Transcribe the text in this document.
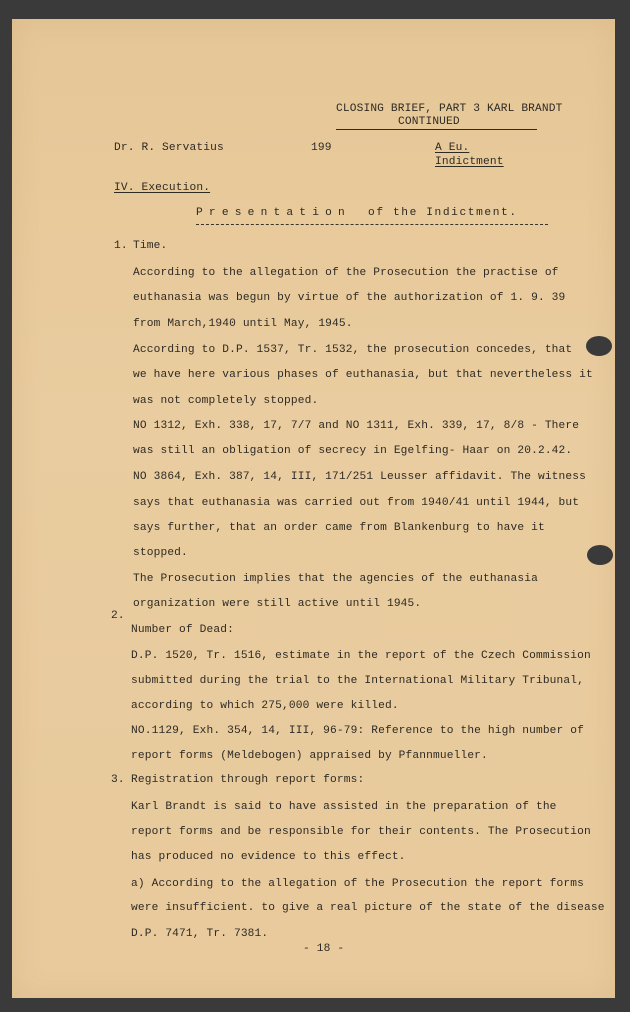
CLOSING BRIEF, PART 3 KARL BRANDT
CONTINUED
Dr. R. Servatius	199	A Eu.
Indictment
IV. Execution.
Presentation of the Indictment.
1. Time.
According to the allegation of the Prosecution the practise of
euthanasia was begun by virtue of the authorization of 1. 9. 39
from March,1940 until May, 1945.
According to D.P. 1537, Tr. 1532, the prosecution concedes, that
we have here various phases of euthanasia, but that nevertheless it
was not completely stopped.
NO 1312, Exh. 338, 17, 7/7 and NO 1311, Exh. 339, 17, 8/8 - There
was still an obligation of secrecy in Egelfing- Haar on 20.2.42.
NO 3864, Exh. 387, 14, III, 171/251 Leusser affidavit. The witness
says that euthanasia was carried out from 1940/41 until 1944, but
says further, that an order came from Blankenburg to have it
stopped.
The Prosecution implies that the agencies of the euthanasia
organization were still active until 1945.
2.
Number of Dead:
D.P. 1520, Tr. 1516, estimate in the report of the Czech Commission
submitted during the trial to the International Military Tribunal,
according to which 275,000 were killed.
NO.1129, Exh. 354, 14, III, 96-79: Reference to the high number of
report forms (Meldebogen) appraised by Pfannmueller.
3. Registration through report forms:
Karl Brandt is said to have assisted in the preparation of the
report forms and be responsible for their contents. The Prosecution
has produced no evidence to this effect.
a) According to the allegation of the Prosecution the report forms
were insufficient. to give a real picture of the state of the disease
D.P. 7471, Tr. 7381.
- 18 -
